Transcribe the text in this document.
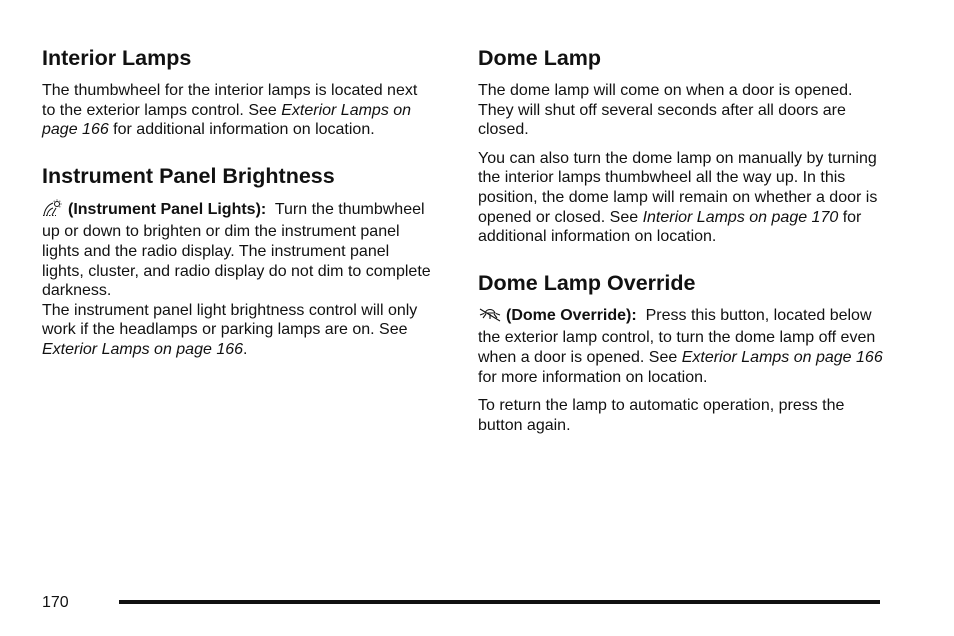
Interior Lamps

The thumbwheel for the interior lamps is located next to the exterior lamps control. See Exterior Lamps on page 166 for additional information on location.

Instrument Panel Brightness

(Instrument Panel Lights): Turn the thumbwheel up or down to brighten or dim the instrument panel lights and the radio display. The instrument panel lights, cluster, and radio display do not dim to complete darkness.

The instrument panel light brightness control will only work if the headlamps or parking lamps are on. See Exterior Lamps on page 166.

Dome Lamp

The dome lamp will come on when a door is opened. They will shut off several seconds after all doors are closed.

You can also turn the dome lamp on manually by turning the interior lamps thumbwheel all the way up. In this position, the dome lamp will remain on whether a door is opened or closed. See Interior Lamps on page 170 for additional information on location.

Dome Lamp Override

(Dome Override): Press this button, located below the exterior lamp control, to turn the dome lamp off even when a door is opened. See Exterior Lamps on page 166 for more information on location.

To return the lamp to automatic operation, press the button again.

170
